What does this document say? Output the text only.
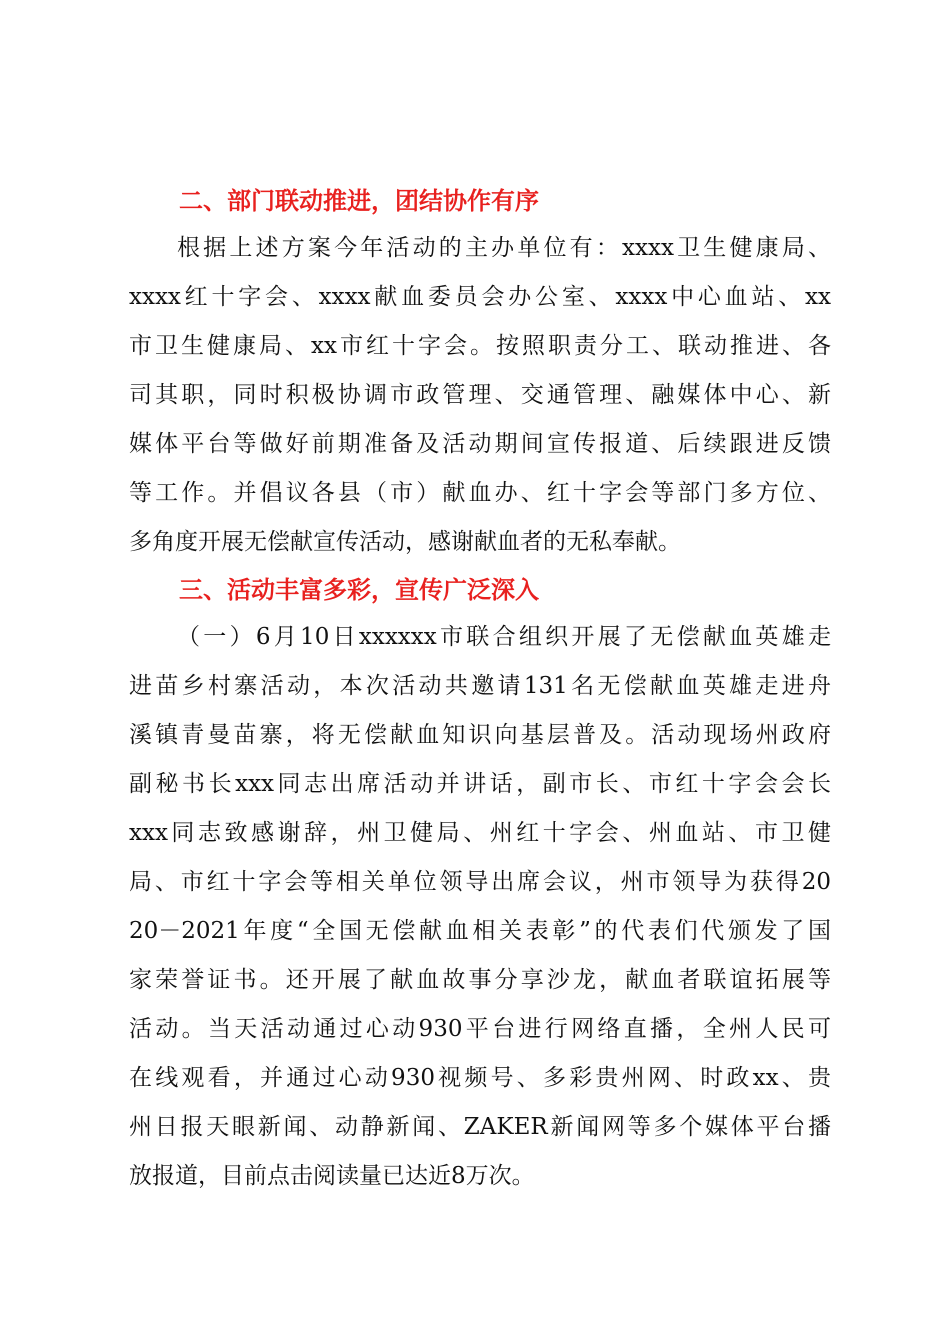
二、部门联动推进，团结协作有序
根据上述方案今年活动的主办单位有：xxxx卫生健康局、
xxxx红十字会、xxxx献血委员会办公室、xxxx中心血站、xx
市卫生健康局、xx市红十字会。按照职责分工、联动推进、各
司其职，同时积极协调市政管理、交通管理、融媒体中心、新
媒体平台等做好前期准备及活动期间宣传报道、后续跟进反馈
等工作。并倡议各县（市）献血办、红十字会等部门多方位、
多角度开展无偿献宣传活动，感谢献血者的无私奉献。
三、活动丰富多彩，宣传广泛深入
（一）6月10日xxxxxx市联合组织开展了无偿献血英雄走
进苗乡村寨活动，本次活动共邀请131名无偿献血英雄走进舟
溪镇青曼苗寨，将无偿献血知识向基层普及。活动现场州政府
副秘书长xxx同志出席活动并讲话，副市长、市红十字会会长
xxx同志致感谢辞，州卫健局、州红十字会、州血站、市卫健
局、市红十字会等相关单位领导出席会议，州市领导为获得20
20－2021年度“全国无偿献血相关表彰”的代表们代颁发了国
家荣誉证书。还开展了献血故事分享沙龙，献血者联谊拓展等
活动。当天活动通过心动930平台进行网络直播，全州人民可
在线观看，并通过心动930视频号、多彩贵州网、时政xx、贵
州日报天眼新闻、动静新闻、ZAKER新闻网等多个媒体平台播
放报道，目前点击阅读量已达近8万次。
